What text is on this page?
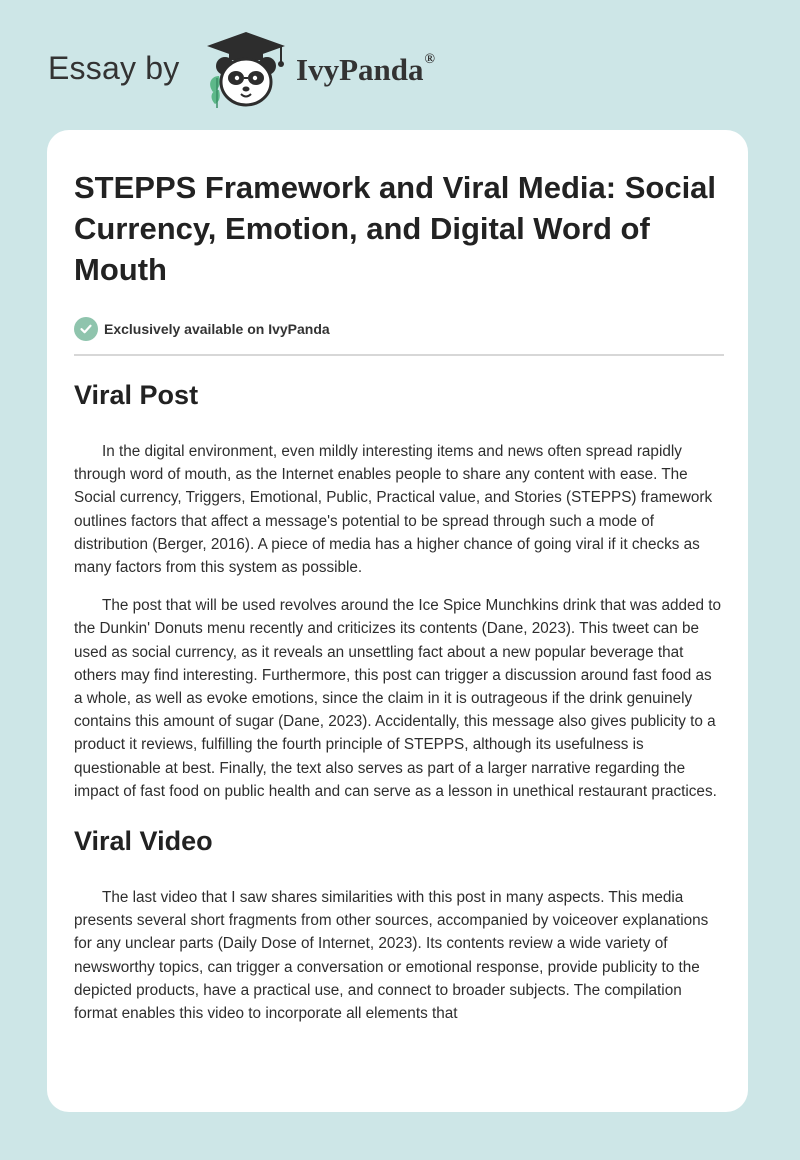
Essay by	IvyPanda®
STEPPS Framework and Viral Media: Social Currency, Emotion, and Digital Word of Mouth
Exclusively available on IvyPanda
Viral Post

In the digital environment, even mildly interesting items and news often spread rapidly through word of mouth, as the Internet enables people to share any content with ease. The Social currency, Triggers, Emotional, Public, Practical value, and Stories (STEPPS) framework outlines factors that affect a message's potential to be spread through such a mode of distribution (Berger, 2016). A piece of media has a higher chance of going viral if it checks as many factors from this system as possible.

The post that will be used revolves around the Ice Spice Munchkins drink that was added to the Dunkin' Donuts menu recently and criticizes its contents (Dane, 2023). This tweet can be used as social currency, as it reveals an unsettling fact about a new popular beverage that others may find interesting. Furthermore, this post can trigger a discussion around fast food as a whole, as well as evoke emotions, since the claim in it is outrageous if the drink genuinely contains this amount of sugar (Dane, 2023). Accidentally, this message also gives publicity to a product it reviews, fulfilling the fourth principle of STEPPS, although its usefulness is questionable at best. Finally, the text also serves as part of a larger narrative regarding the impact of fast food on public health and can serve as a lesson in unethical restaurant practices.

Viral Video

The last video that I saw shares similarities with this post in many aspects. This media presents several short fragments from other sources, accompanied by voiceover explanations for any unclear parts (Daily Dose of Internet, 2023). Its contents review a wide variety of newsworthy topics, can trigger a conversation or emotional response, provide publicity to the depicted products, have a practical use, and connect to broader subjects. The compilation format enables this video to incorporate all elements that
